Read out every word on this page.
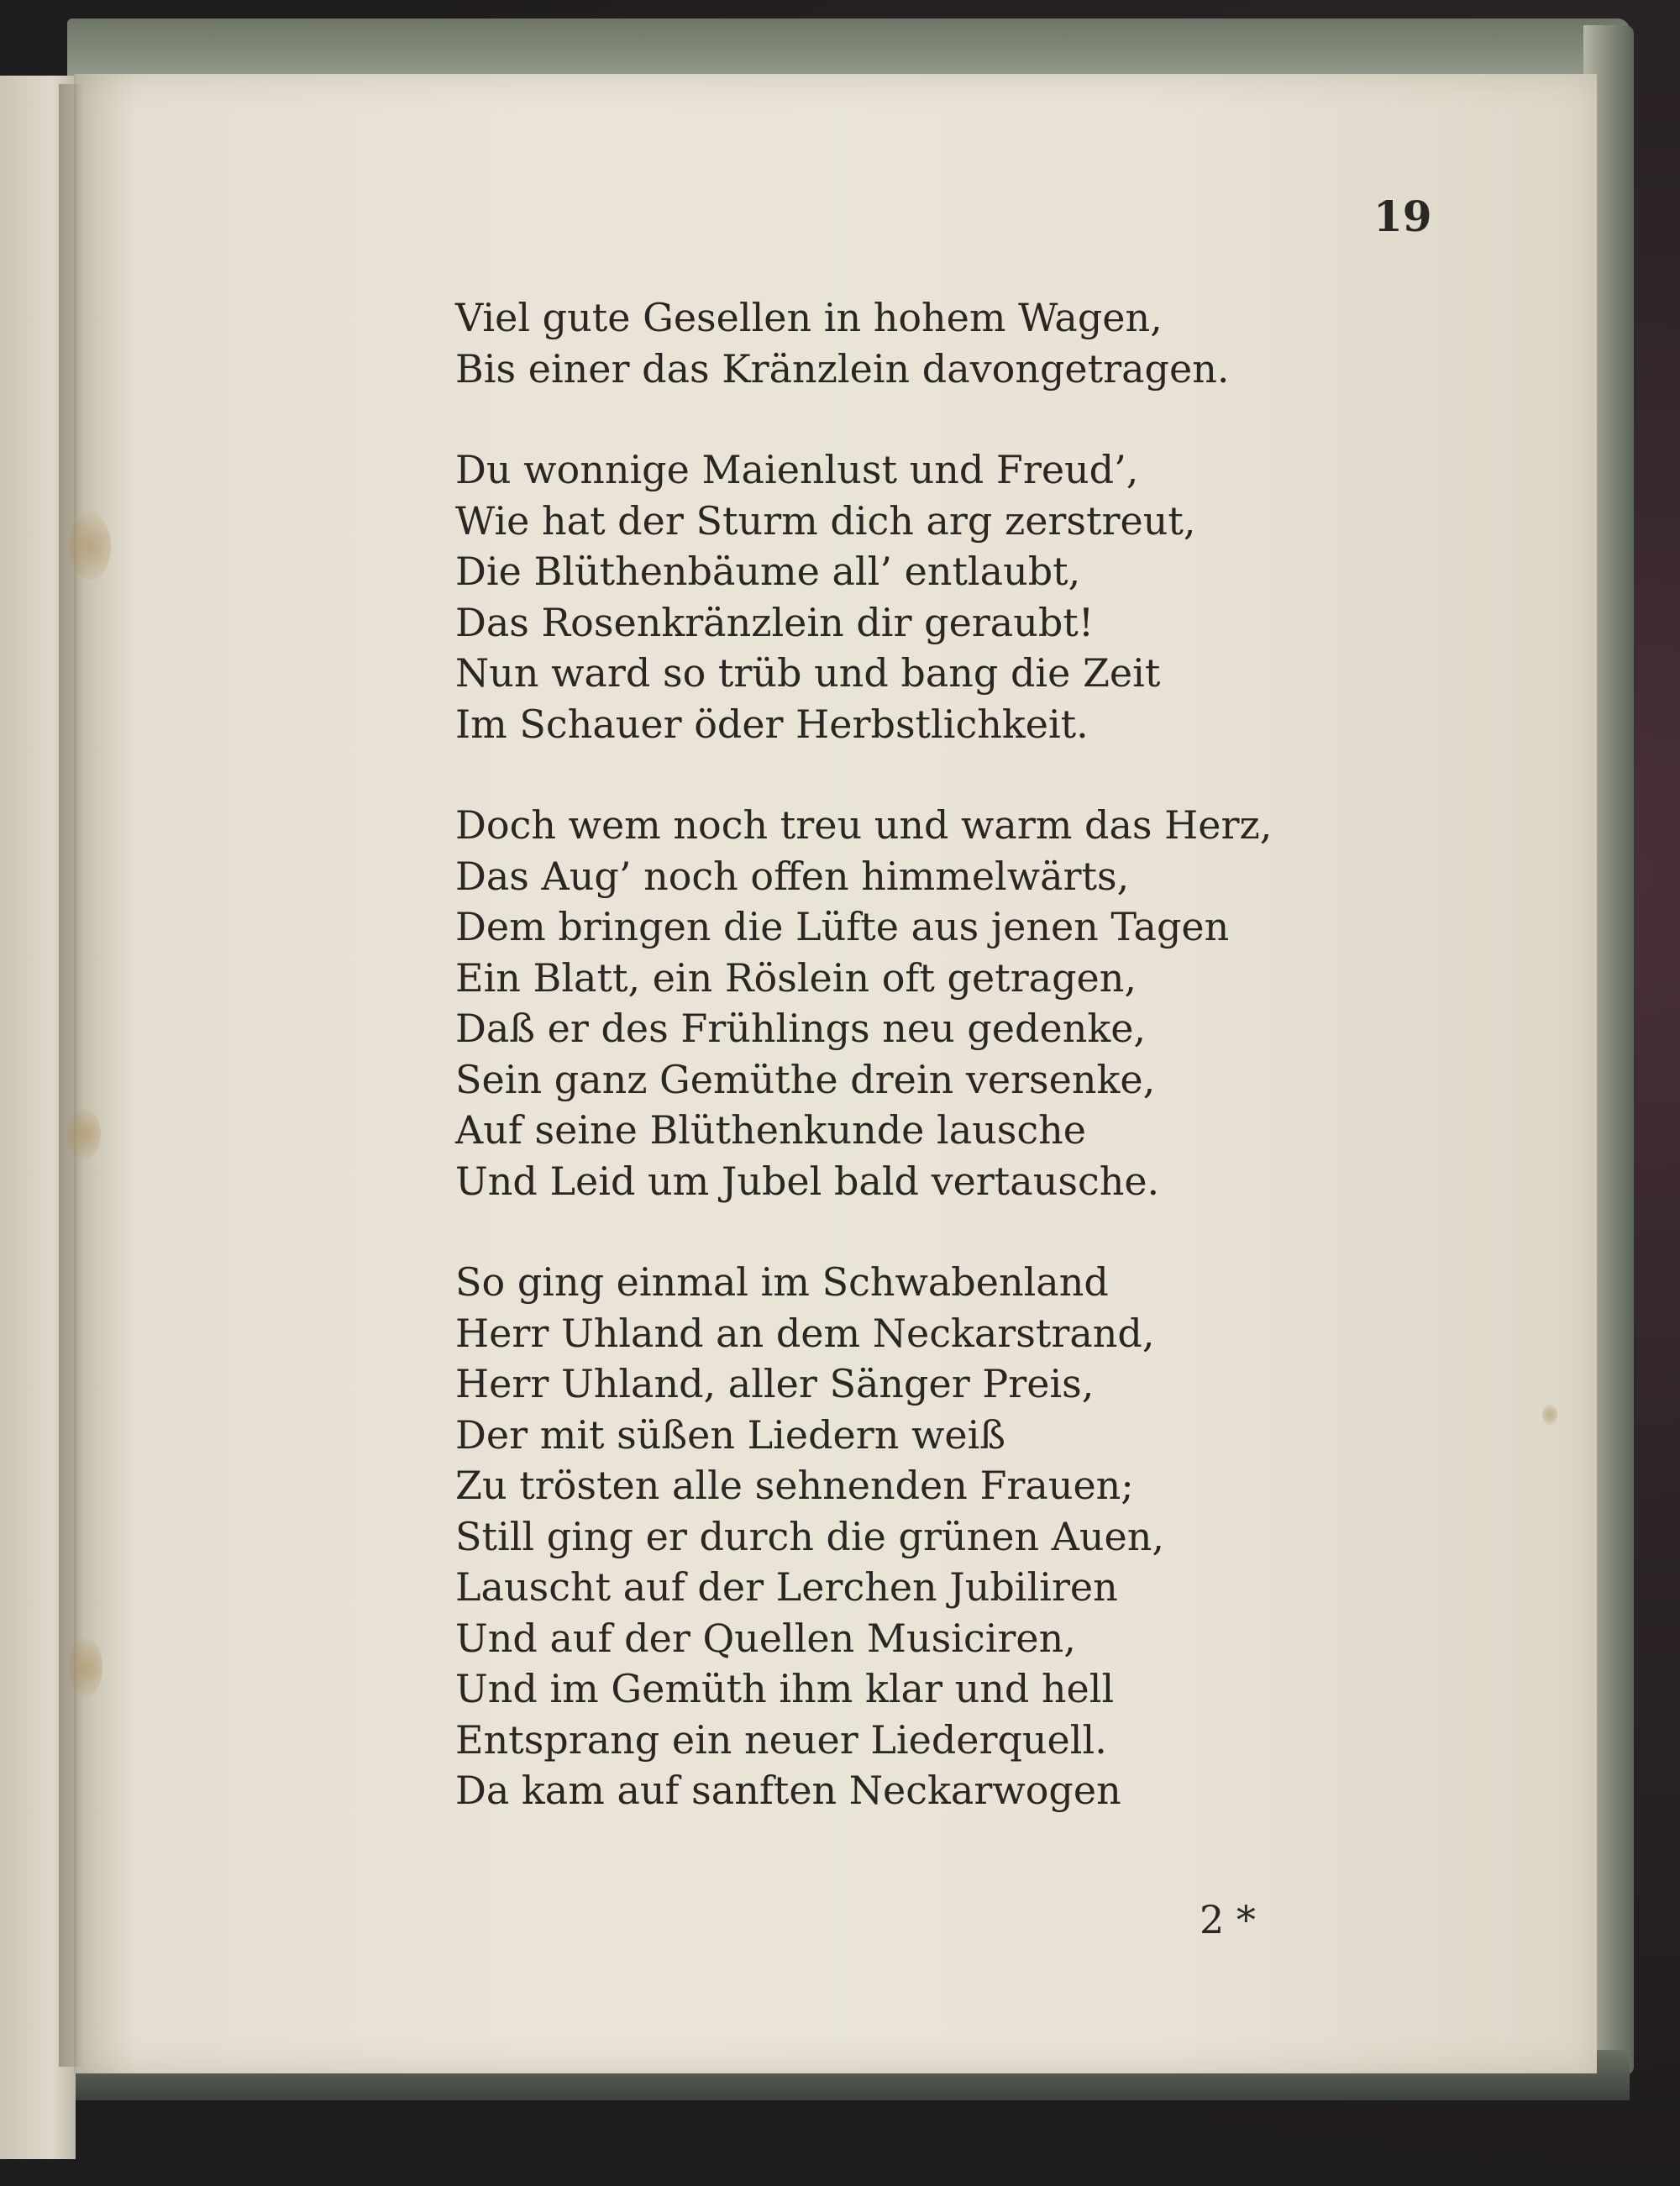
19
Viel gute Gesellen in hohem Wagen,
Bis einer das Kränzlein davongetragen.
Du wonnige Maienlust und Freud’,
Wie hat der Sturm dich arg zerstreut,
Die Blüthenbäume all’ entlaubt,
Das Rosenkränzlein dir geraubt!
Nun ward so trüb und bang die Zeit
Im Schauer öder Herbstlichkeit.
Doch wem noch treu und warm das Herz,
Das Aug’ noch offen himmelwärts,
Dem bringen die Lüfte aus jenen Tagen
Ein Blatt, ein Röslein oft getragen,
Daß er des Frühlings neu gedenke,
Sein ganz Gemüthe drein versenke,
Auf seine Blüthenkunde lausche
Und Leid um Jubel bald vertausche.
So ging einmal im Schwabenland
Herr Uhland an dem Neckarstrand,
Herr Uhland, aller Sänger Preis,
Der mit süßen Liedern weiß
Zu trösten alle sehnenden Frauen;
Still ging er durch die grünen Auen,
Lauscht auf der Lerchen Jubiliren
Und auf der Quellen Musiciren,
Und im Gemüth ihm klar und hell
Entsprang ein neuer Liederquell.
Da kam auf sanften Neckarwogen
2 *
